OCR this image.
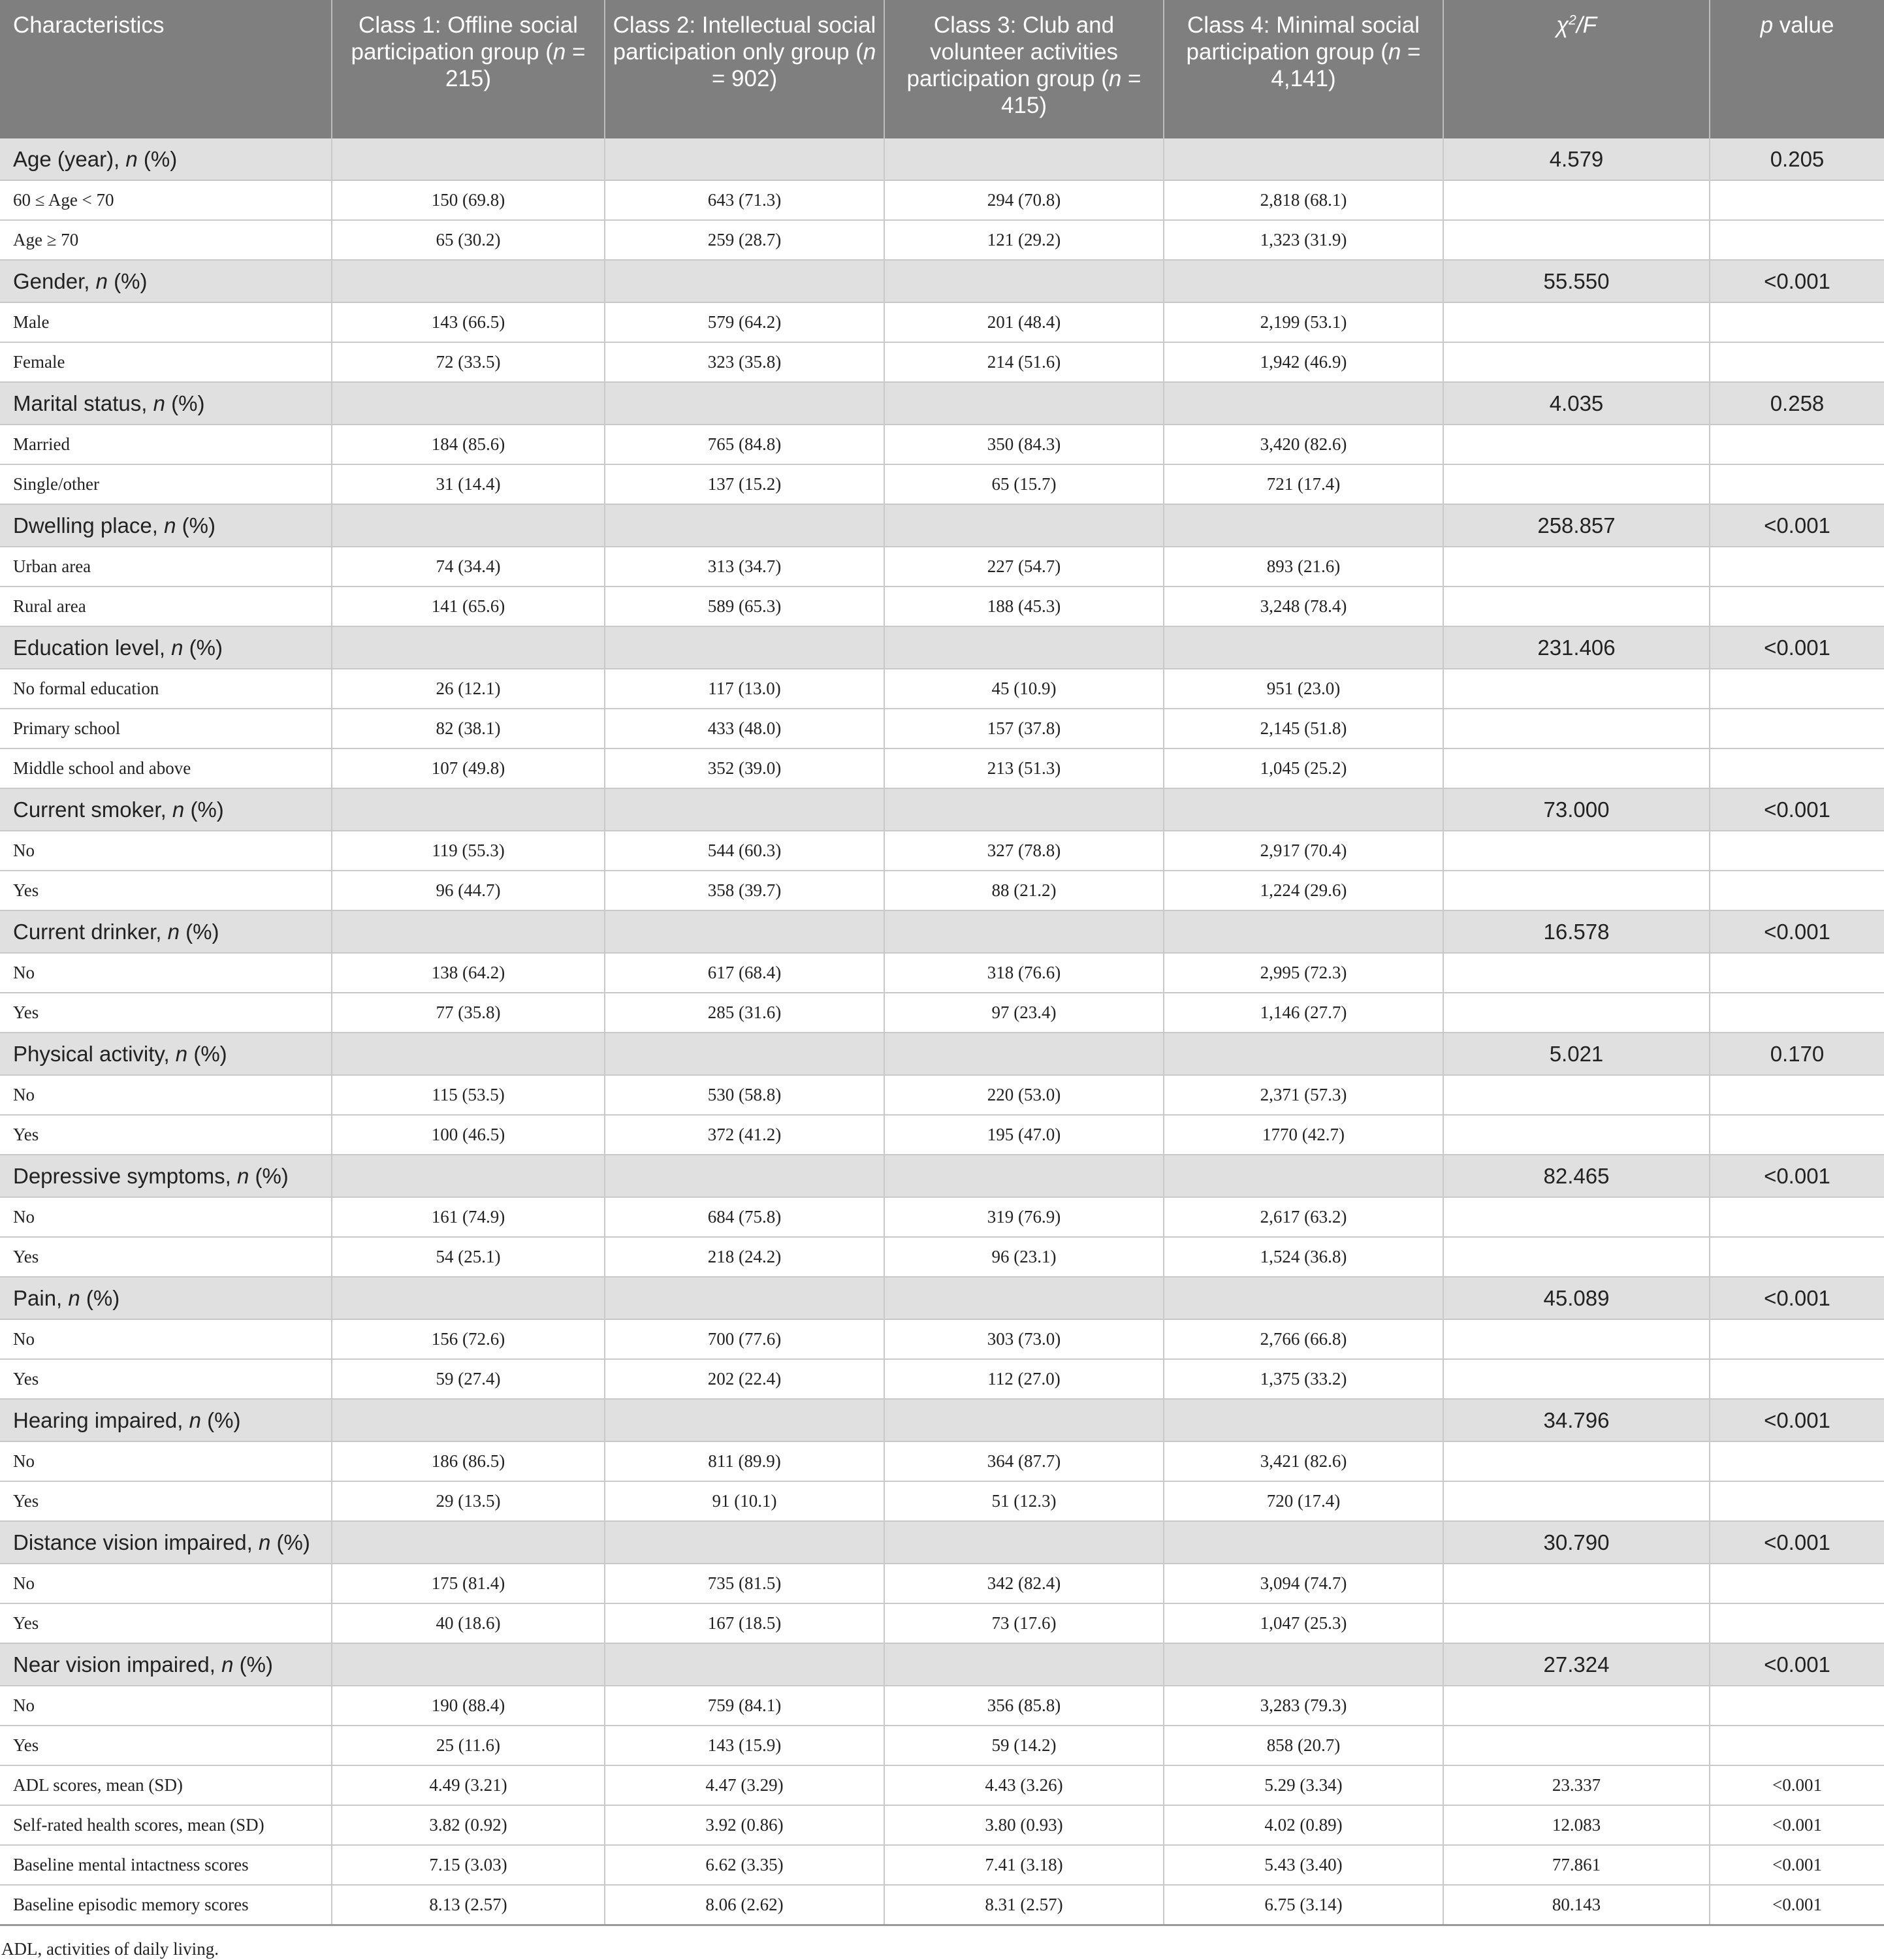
Characteristics	Class 1: Offline social participation group (n = 215)	Class 2: Intellectual social participation only group (n = 902)	Class 3: Club and volunteer activities participation group (n = 415)	Class 4: Minimal social participation group (n = 4,141)	$\chi^2/F$	p value
Age (year), n (%)					4.579	0.205
60 ≤ Age < 70	150 (69.8)	643 (71.3)	294 (70.8)	2,818 (68.1)		
Age ≥ 70	65 (30.2)	259 (28.7)	121 (29.2)	1,323 (31.9)		
Gender, n (%)					55.550	<0.001
Male	143 (66.5)	579 (64.2)	201 (48.4)	2,199 (53.1)		
Female	72 (33.5)	323 (35.8)	214 (51.6)	1,942 (46.9)		
Marital status, n (%)					4.035	0.258
Married	184 (85.6)	765 (84.8)	350 (84.3)	3,420 (82.6)		
Single/other	31 (14.4)	137 (15.2)	65 (15.7)	721 (17.4)		
Dwelling place, n (%)					258.857	<0.001
Urban area	74 (34.4)	313 (34.7)	227 (54.7)	893 (21.6)		
Rural area	141 (65.6)	589 (65.3)	188 (45.3)	3,248 (78.4)		
Education level, n (%)					231.406	<0.001
No formal education	26 (12.1)	117 (13.0)	45 (10.9)	951 (23.0)		
Primary school	82 (38.1)	433 (48.0)	157 (37.8)	2,145 (51.8)		
Middle school and above	107 (49.8)	352 (39.0)	213 (51.3)	1,045 (25.2)		
Current smoker, n (%)					73.000	<0.001
No	119 (55.3)	544 (60.3)	327 (78.8)	2,917 (70.4)		
Yes	96 (44.7)	358 (39.7)	88 (21.2)	1,224 (29.6)		
Current drinker, n (%)					16.578	<0.001
No	138 (64.2)	617 (68.4)	318 (76.6)	2,995 (72.3)		
Yes	77 (35.8)	285 (31.6)	97 (23.4)	1,146 (27.7)		
Physical activity, n (%)					5.021	0.170
No	115 (53.5)	530 (58.8)	220 (53.0)	2,371 (57.3)		
Yes	100 (46.5)	372 (41.2)	195 (47.0)	1770 (42.7)		
Depressive symptoms, n (%)					82.465	<0.001
No	161 (74.9)	684 (75.8)	319 (76.9)	2,617 (63.2)		
Yes	54 (25.1)	218 (24.2)	96 (23.1)	1,524 (36.8)		
Pain, n (%)					45.089	<0.001
No	156 (72.6)	700 (77.6)	303 (73.0)	2,766 (66.8)		
Yes	59 (27.4)	202 (22.4)	112 (27.0)	1,375 (33.2)		
Hearing impaired, n (%)					34.796	<0.001
No	186 (86.5)	811 (89.9)	364 (87.7)	3,421 (82.6)		
Yes	29 (13.5)	91 (10.1)	51 (12.3)	720 (17.4)		
Distance vision impaired, n (%)					30.790	<0.001
No	175 (81.4)	735 (81.5)	342 (82.4)	3,094 (74.7)		
Yes	40 (18.6)	167 (18.5)	73 (17.6)	1,047 (25.3)		
Near vision impaired, n (%)					27.324	<0.001
No	190 (88.4)	759 (84.1)	356 (85.8)	3,283 (79.3)		
Yes	25 (11.6)	143 (15.9)	59 (14.2)	858 (20.7)		
ADL scores, mean (SD)	4.49 (3.21)	4.47 (3.29)	4.43 (3.26)	5.29 (3.34)	23.337	<0.001
Self-rated health scores, mean (SD)	3.82 (0.92)	3.92 (0.86)	3.80 (0.93)	4.02 (0.89)	12.083	<0.001
Baseline mental intactness scores	7.15 (3.03)	6.62 (3.35)	7.41 (3.18)	5.43 (3.40)	77.861	<0.001
Baseline episodic memory scores	8.13 (2.57)	8.06 (2.62)	8.31 (2.57)	6.75 (3.14)	80.143	<0.001
ADL, activities of daily living.
